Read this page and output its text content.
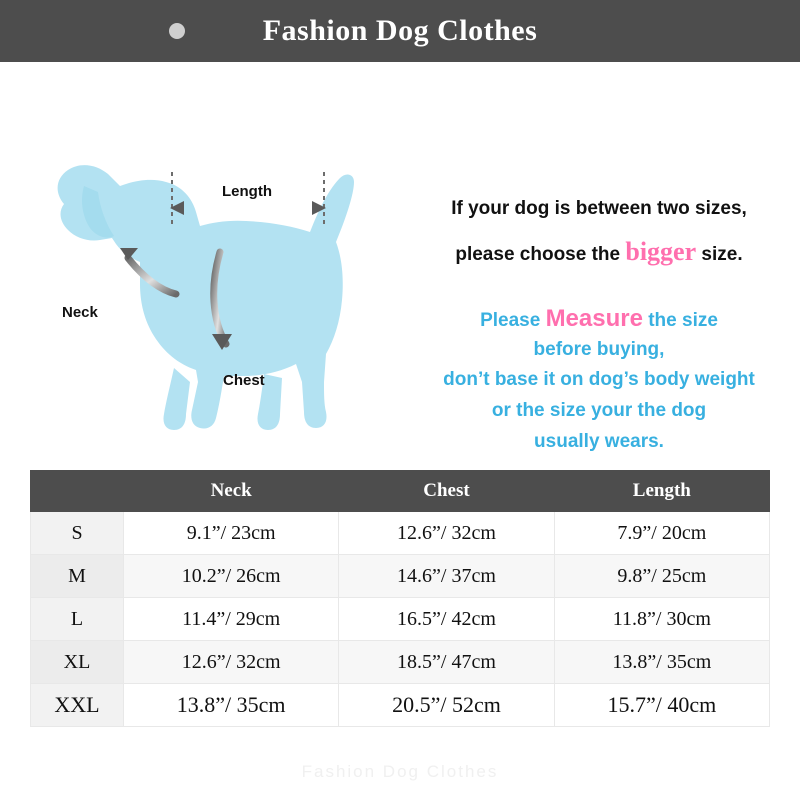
Fashion Dog Clothes
Length
Neck
Chest
If your dog is between two sizes,
please choose the bigger size.
Please Measure the size
before buying,
don’t base it on dog’s body weight
or the size your the dog
usually wears.
	Neck	Chest	Length
S	9.1”/ 23cm	12.6”/ 32cm	7.9”/ 20cm
M	10.2”/ 26cm	14.6”/ 37cm	9.8”/ 25cm
L	11.4”/ 29cm	16.5”/ 42cm	11.8”/ 30cm
XL	12.6”/ 32cm	18.5”/ 47cm	13.8”/ 35cm
XXL	13.8”/ 35cm	20.5”/ 52cm	15.7”/ 40cm
Fashion Dog Clothes
